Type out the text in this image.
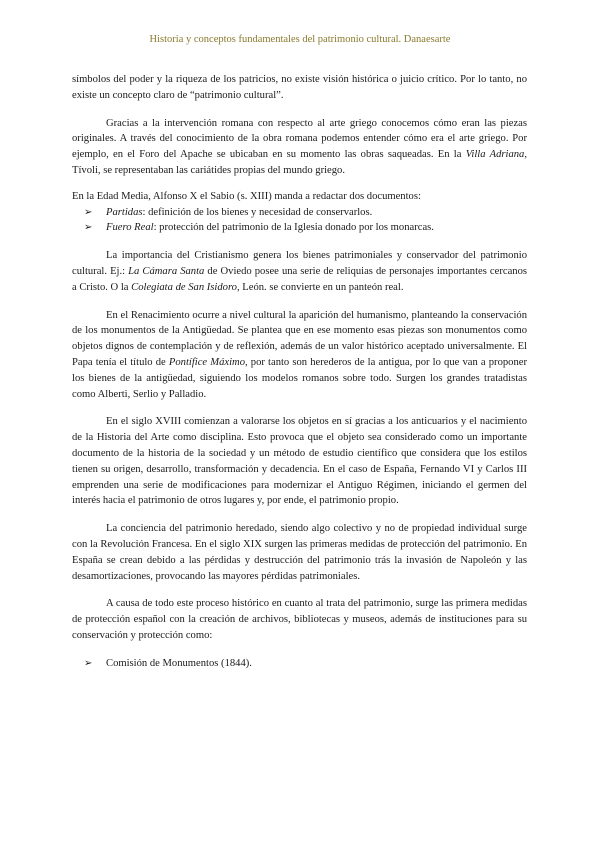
Historia y conceptos fundamentales del patrimonio cultural. Danaesarte

símbolos del poder y la riqueza de los patricios, no existe visión histórica o juicio crítico. Por lo tanto, no existe un concepto claro de “patrimonio cultural”.

Gracias a la intervención romana con respecto al arte griego conocemos cómo eran las piezas originales. A través del conocimiento de la obra romana podemos entender cómo era el arte griego. Por ejemplo, en el Foro del Apache se ubicaban en su momento las obras saqueadas. En la Villa Adriana, Tívoli, se representaban las cariátides propias del mundo griego.

En la Edad Media, Alfonso X el Sabio (s. XIII) manda a redactar dos documentos:

➢ Partidas: definición de los bienes y necesidad de conservarlos.
➢ Fuero Real: protección del patrimonio de la Iglesia donado por los monarcas.

La importancia del Cristianismo genera los bienes patrimoniales y conservador del patrimonio cultural. Ej.: La Cámara Santa de Oviedo posee una serie de reliquias de personajes importantes cercanos a Cristo. O la Colegiata de San Isidoro, León. se convierte en un panteón real.

En el Renacimiento ocurre a nivel cultural la aparición del humanismo, planteando la conservación de los monumentos de la Antigüedad. Se plantea que en ese momento esas piezas son monumentos como objetos dignos de contemplación y de reflexión, además de un valor histórico aceptado universalmente. El Papa tenía el título de Pontífice Máximo, por tanto son herederos de la antigua, por lo que van a proponer los bienes de la antigüedad, siguiendo los modelos romanos sobre todo. Surgen los grandes tratadistas como Alberti, Serlio y Palladio.

En el siglo XVIII comienzan a valorarse los objetos en sí gracias a los anticuarios y el nacimiento de la Historia del Arte como disciplina. Esto provoca que el objeto sea considerado como un importante documento de la historia de la sociedad y un método de estudio científico que considera que los estilos tienen su origen, desarrollo, transformación y decadencia. En el caso de España, Fernando VI y Carlos III emprenden una serie de modificaciones para modernizar el Antiguo Régimen, iniciando el germen del interés hacia el patrimonio de otros lugares y, por ende, el patrimonio propio.

La conciencia del patrimonio heredado, siendo algo colectivo y no de propiedad individual surge con la Revolución Francesa. En el siglo XIX surgen las primeras medidas de protección del patrimonio. En España se crean debido a las pérdidas y destrucción del patrimonio trás la invasión de Napoleón y las desamortizaciones, provocando las mayores pérdidas patrimoniales.

A causa de todo este proceso histórico en cuanto al trata del patrimonio, surge las primera medidas de protección español con la creación de archivos, bibliotecas y museos, además de instituciones para su conservación y protección como:

➢ Comisión de Monumentos (1844).
